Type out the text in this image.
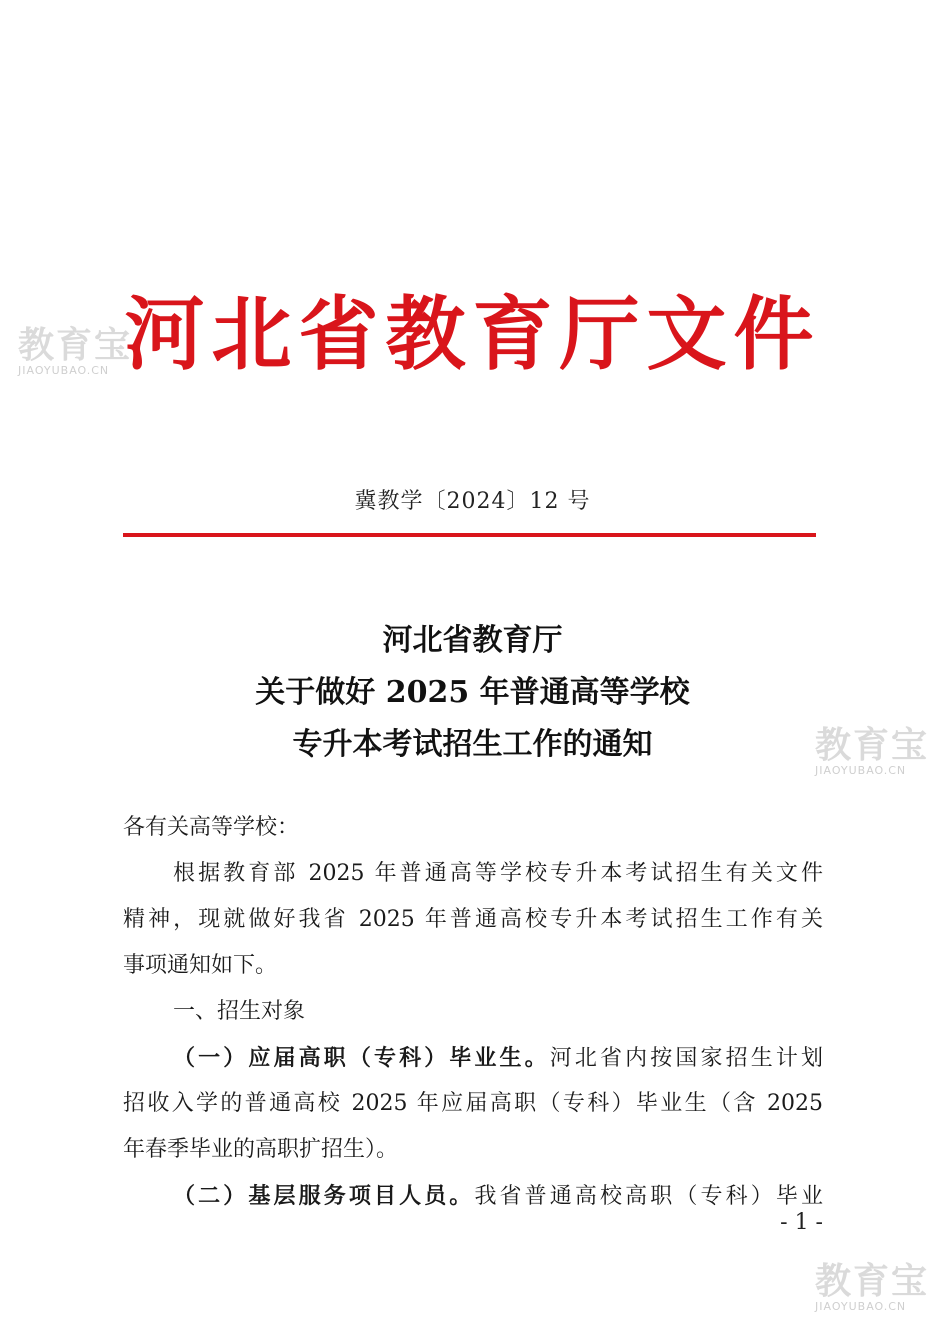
河北省教育厅文件
冀教学〔2024〕12 号
河北省教育厅
关于做好 2025 年普通高等学校
专升本考试招生工作的通知
各有关高等学校：
根据教育部 2025 年普通高等学校专升本考试招生有关文件
精神，现就做好我省 2025 年普通高校专升本考试招生工作有关
事项通知如下。
一、招生对象
（一）应届高职（专科）毕业生。河北省内按国家招生计划
招收入学的普通高校 2025 年应届高职（专科）毕业生（含 2025
年春季毕业的高职扩招生）。
（二）基层服务项目人员。我省普通高校高职（专科）毕业
- 1 -
教育宝
JIAOYUBAO.CN
教育宝
JIAOYUBAO.CN
教育宝
JIAOYUBAO.CN
